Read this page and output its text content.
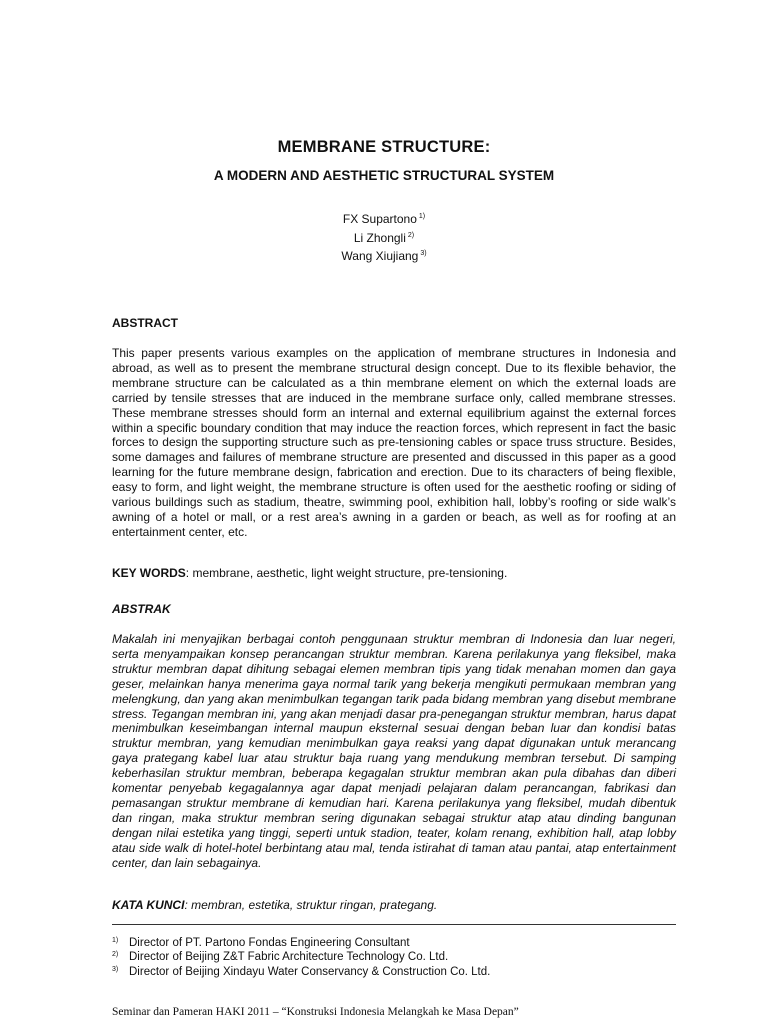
MEMBRANE STRUCTURE:
A MODERN AND AESTHETIC STRUCTURAL SYSTEM
FX Supartono $^{1)}$
Li Zhongli $^{2)}$
Wang Xiujiang $^{3)}$
ABSTRACT

This paper presents various examples on the application of membrane structures in Indonesia and abroad, as well as to present the membrane structural design concept. Due to its flexible behavior, the membrane structure can be calculated as a thin membrane element on which the external loads are carried by tensile stresses that are induced in the membrane surface only, called membrane stresses. These membrane stresses should form an internal and external equilibrium against the external forces within a specific boundary condition that may induce the reaction forces, which represent in fact the basic forces to design the supporting structure such as pre-tensioning cables or space truss structure. Besides, some damages and failures of membrane structure are presented and discussed in this paper as a good learning for the future membrane design, fabrication and erection. Due to its characters of being flexible, easy to form, and light weight, the membrane structure is often used for the aesthetic roofing or siding of various buildings such as stadium, theatre, swimming pool, exhibition hall, lobby’s roofing or side walk’s awning of a hotel or mall, or a rest area’s awning in a garden or beach, as well as for roofing at an entertainment center, etc.

KEY WORDS: membrane, aesthetic, light weight structure, pre-tensioning.
ABSTRAK

Makalah ini menyajikan berbagai contoh penggunaan struktur membran di Indonesia dan luar negeri, serta menyampaikan konsep perancangan struktur membran. Karena perilakunya yang fleksibel, maka struktur membran dapat dihitung sebagai elemen membran tipis yang tidak menahan momen dan gaya geser, melainkan hanya menerima gaya normal tarik yang bekerja mengikuti permukaan membran yang melengkung, dan yang akan menimbulkan tegangan tarik pada bidang membran yang disebut membrane stress. Tegangan membran ini, yang akan menjadi dasar pra-penegangan struktur membran, harus dapat menimbulkan keseimbangan internal maupun eksternal sesuai dengan beban luar dan kondisi batas struktur membran, yang kemudian menimbulkan gaya reaksi yang dapat digunakan untuk merancang gaya prategang kabel luar atau struktur baja ruang yang mendukung membran tersebut. Di samping keberhasilan struktur membran, beberapa kegagalan struktur membran akan pula dibahas dan diberi komentar penyebab kegagalannya agar dapat menjadi pelajaran dalam perancangan, fabrikasi dan pemasangan struktur membrane di kemudian hari. Karena perilakunya yang fleksibel, mudah dibentuk dan ringan, maka struktur membran sering digunakan sebagai struktur atap atau dinding bangunan dengan nilai estetika yang tinggi, seperti untuk stadion, teater, kolam renang, exhibition hall, atap lobby atau side walk di hotel-hotel berbintang atau mal, tenda istirahat di taman atau pantai, atap entertainment center, dan lain sebagainya.

KATA KUNCI: membran, estetika, struktur ringan, prategang.
$^{1)}$ Director of PT. Partono Fondas Engineering Consultant
$^{2)}$ Director of Beijing Z&T Fabric Architecture Technology Co. Ltd.
$^{3)}$ Director of Beijing Xindayu Water Conservancy & Construction Co. Ltd.
Seminar dan Pameran HAKI 2011 – “Konstruksi Indonesia Melangkah ke Masa Depan”
